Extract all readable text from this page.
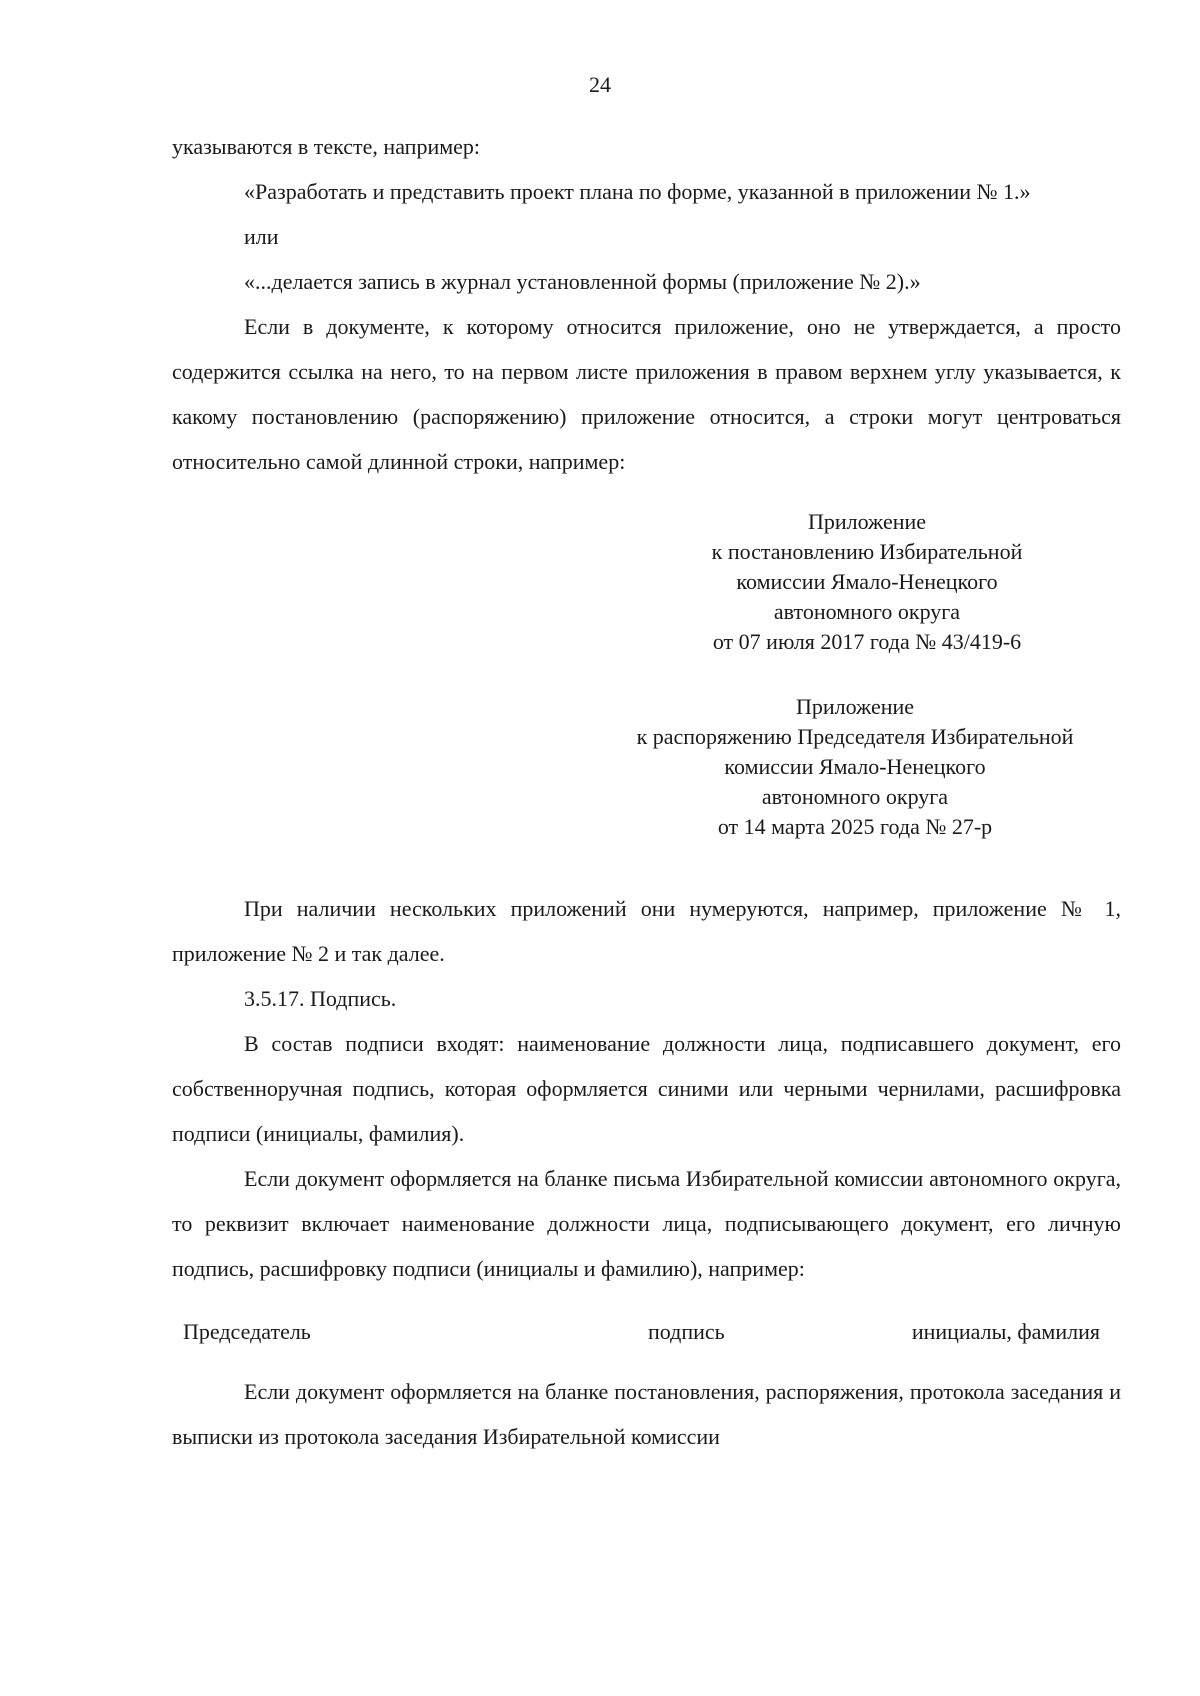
24

указываются в тексте, например:

«Разработать и представить проект плана по форме, указанной в приложении № 1.»

или

«...делается запись в журнал установленной формы (приложение № 2).»

Если в документе, к которому относится приложение, оно не утверждается, а просто содержится ссылка на него, то на первом листе приложения в правом верхнем углу указывается, к какому постановлению (распоряжению) приложение относится, а строки могут центроваться относительно самой длинной строки, например:

Приложение
к постановлению Избирательной
комиссии Ямало-Ненецкого
автономного округа
от 07 июля 2017 года № 43/419-6
Приложение
к распоряжению Председателя Избирательной
комиссии Ямало-Ненецкого
автономного округа
от 14 марта 2025 года № 27-р

При наличии нескольких приложений они нумеруются, например, приложение № 1, приложение № 2 и так далее.

3.5.17. Подпись.

В состав подписи входят: наименование должности лица, подписавшего документ, его собственноручная подпись, которая оформляется синими или черными чернилами, расшифровка подписи (инициалы, фамилия).

Если документ оформляется на бланке письма Избирательной комиссии автономного округа, то реквизит включает наименование должности лица, подписывающего документ, его личную подпись, расшифровку подписи (инициалы и фамилию), например:

Председатель	подпись	инициалы, фамилия

Если документ оформляется на бланке постановления, распоряжения, протокола заседания и выписки из протокола заседания Избирательной комиссии
